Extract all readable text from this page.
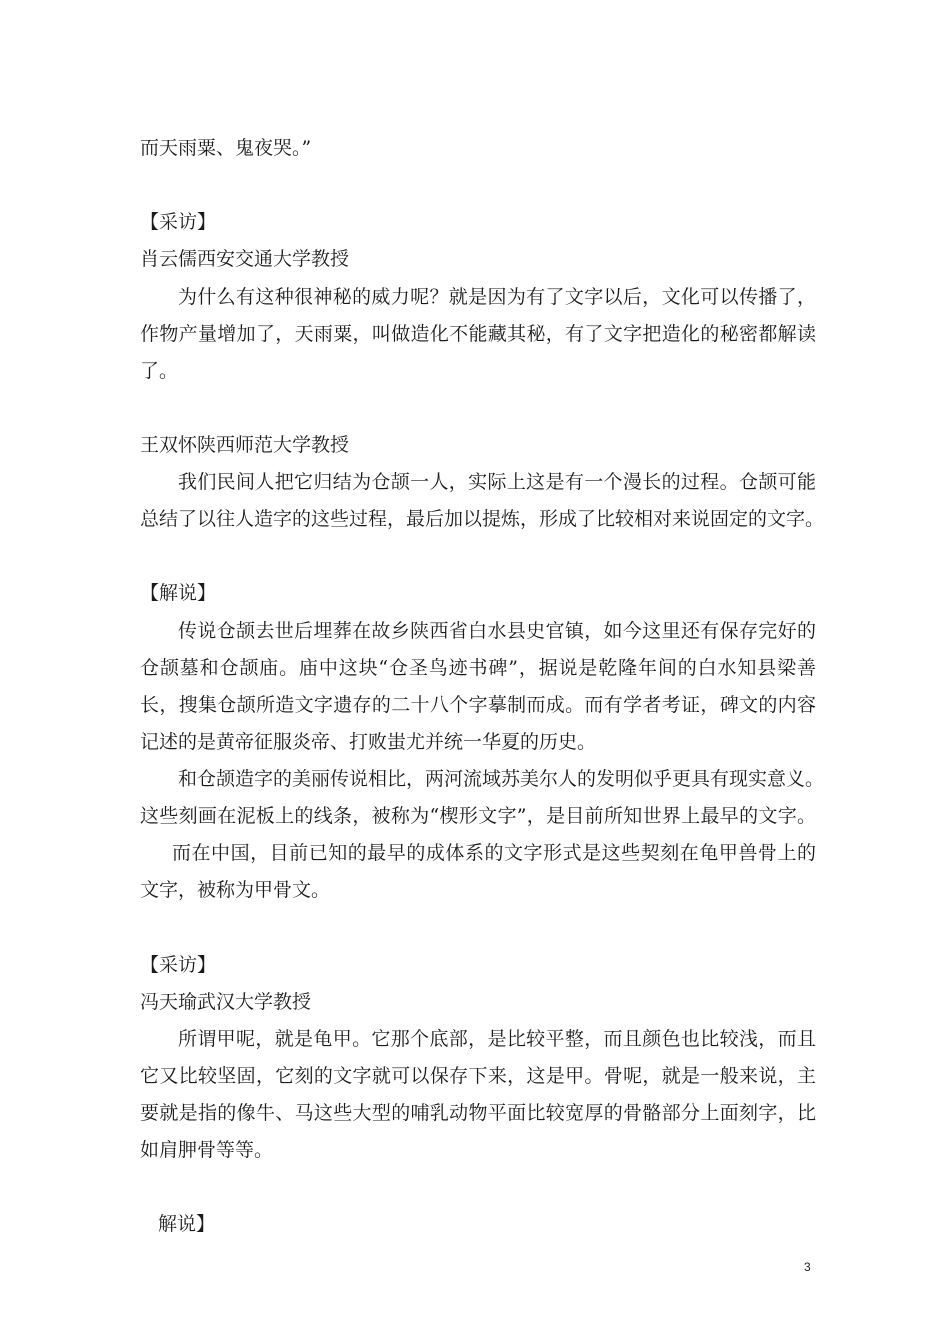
而天雨粟、鬼夜哭。”

【采访】

肖云儒西安交通大学教授

为什么有这种很神秘的威力呢？就是因为有了文字以后，文化可以传播了，

作物产量增加了，天雨粟，叫做造化不能藏其秘，有了文字把造化的秘密都解读

了。

王双怀陕西师范大学教授

我们民间人把它归结为仓颉一人，实际上这是有一个漫长的过程。仓颉可能

总结了以往人造字的这些过程，最后加以提炼，形成了比较相对来说固定的文字。

【解说】

传说仓颉去世后埋葬在故乡陕西省白水县史官镇，如今这里还有保存完好的

仓颉墓和仓颉庙。庙中这块“仓圣鸟迹书碑”，据说是乾隆年间的白水知县梁善

长，搜集仓颉所造文字遗存的二十八个字摹制而成。而有学者考证，碑文的内容

记述的是黄帝征服炎帝、打败蚩尤并统一华夏的历史。

和仓颉造字的美丽传说相比，两河流域苏美尔人的发明似乎更具有现实意义。

这些刻画在泥板上的线条，被称为“楔形文字”，是目前所知世界上最早的文字。

而在中国，目前已知的最早的成体系的文字形式是这些契刻在龟甲兽骨上的

文字，被称为甲骨文。

【采访】

冯天瑜武汉大学教授

所谓甲呢，就是龟甲。它那个底部，是比较平整，而且颜色也比较浅，而且

它又比较坚固，它刻的文字就可以保存下来，这是甲。骨呢，就是一般来说，主

要就是指的像牛、马这些大型的哺乳动物平面比较宽厚的骨骼部分上面刻字，比

如肩胛骨等等。

解说】

3
